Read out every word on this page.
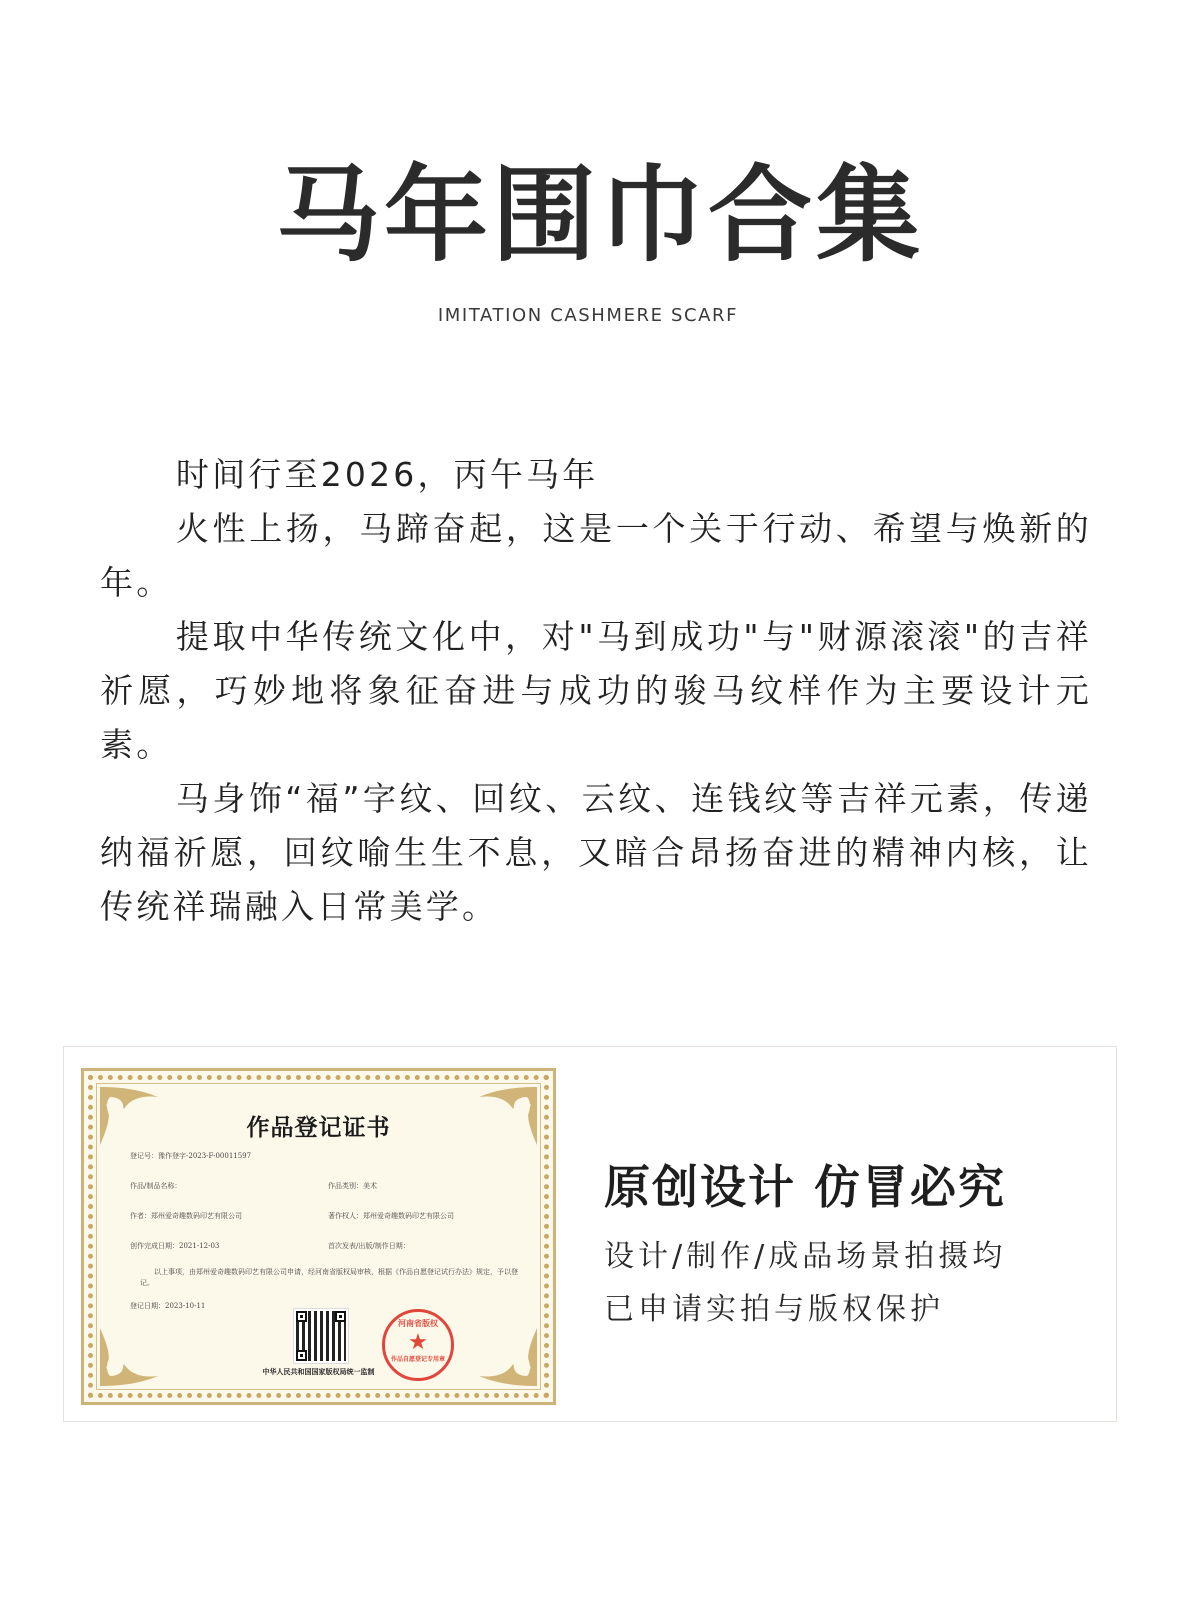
马年围巾合集
IMITATION CASHMERE SCARF

时间行至2026，丙午马年

火性上扬，马蹄奋起，这是一个关于行动、希望与焕新的年。

提取中华传统文化中，对"马到成功"与"财源滚滚"的吉祥祈愿，巧妙地将象征奋进与成功的骏马纹样作为主要设计元素。

马身饰“福”字纹、回纹、云纹、连钱纹等吉祥元素，传递纳福祈愿，回纹喻生生不息，又暗合昂扬奋进的精神内核，让传统祥瑞融入日常美学。

作品登记证书
登记号：豫作登字-2023-F-00011597
作品/制品名称：	作品类别：美术
作者：郑州爱奇趣数码印艺有限公司	著作权人：郑州爱奇趣数码印艺有限公司
创作完成日期：2021-12-03	首次发表/出版/制作日期：
以上事项，由郑州爱奇趣数码印艺有限公司申请，经河南省版权局审核，根据《作品自愿登记试行办法》规定，予以登记。
登记日期：2023-10-11
河南省版权
★
作品自愿登记专用章
中华人民共和国国家版权局统一监制
原创设计 仿冒必究
设计/制作/成品场景拍摄均
已申请实拍与版权保护
